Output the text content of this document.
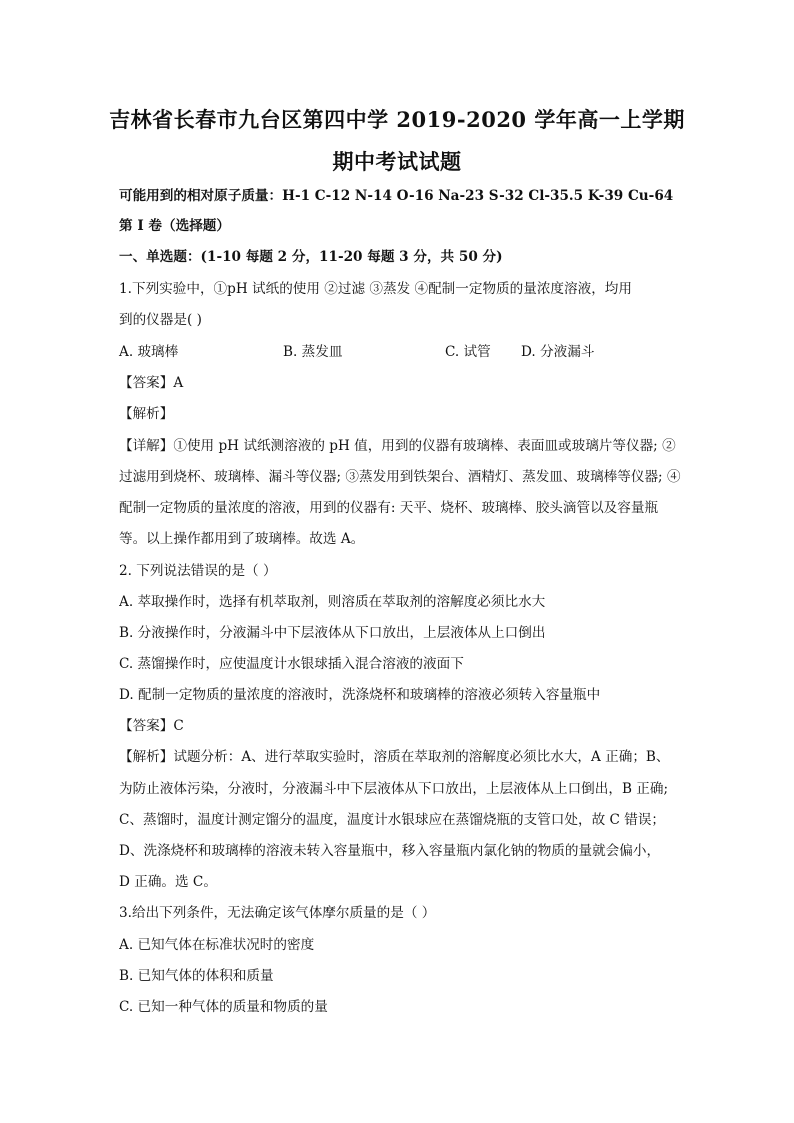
吉林省长春市九台区第四中学 2019-2020 学年高一上学期
期中考试试题
可能用到的相对原子质量：H-1 C-12 N-14 O-16 Na-23 S-32 Cl-35.5 K-39 Cu-64
第 I 卷（选择题）
一、单选题：(1-10 每题 2 分，11-20 每题 3 分，共 50 分)
1.下列实验中，①pH 试纸的使用 ②过滤 ③蒸发 ④配制一定物质的量浓度溶液，均用
到的仪器是( )
A. 玻璃棒	B. 蒸发皿	C. 试管 D. 分液漏斗
【答案】A
【解析】
【详解】①使用 pH 试纸测溶液的 pH 值，用到的仪器有玻璃棒、表面皿或玻璃片等仪器; ②
过滤用到烧杯、玻璃棒、漏斗等仪器; ③蒸发用到铁架台、酒精灯、蒸发皿、玻璃棒等仪器; ④
配制一定物质的量浓度的溶液，用到的仪器有: 天平、烧杯、玻璃棒、胶头滴管以及容量瓶
等。以上操作都用到了玻璃棒。故选 A。
2. 下列说法错误的是（ ）
A. 萃取操作时，选择有机萃取剂，则溶质在萃取剂的溶解度必须比水大
B. 分液操作时，分液漏斗中下层液体从下口放出，上层液体从上口倒出
C. 蒸馏操作时，应使温度计水银球插入混合溶液的液面下
D. 配制一定物质的量浓度的溶液时，洗涤烧杯和玻璃棒的溶液必须转入容量瓶中
【答案】C
【解析】试题分析：A、进行萃取实验时，溶质在萃取剂的溶解度必须比水大，A 正确；B、
为防止液体污染，分液时，分液漏斗中下层液体从下口放出，上层液体从上口倒出，B 正确;
C、蒸馏时，温度计测定馏分的温度，温度计水银球应在蒸馏烧瓶的支管口处，故 C 错误；
D、洗涤烧杯和玻璃棒的溶液未转入容量瓶中，移入容量瓶内氯化钠的物质的量就会偏小，
D 正确。选 C。
3.给出下列条件，无法确定该气体摩尔质量的是（ ）
A. 已知气体在标准状况时的密度
B. 已知气体的体积和质量
C. 已知一种气体的质量和物质的量
